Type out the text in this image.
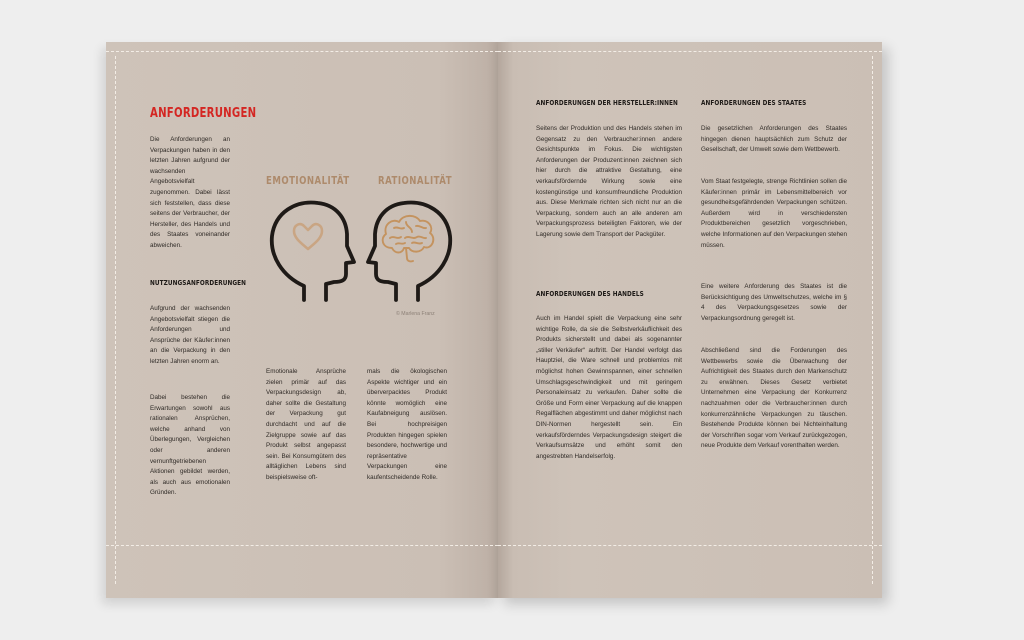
ANFORDERUNGEN
Die Anforderungen an Verpackungen haben in den letzten Jahren aufgrund der wachsenden Angebotsvielfalt zugenommen. Dabei lässt sich feststellen, dass diese seitens der Verbraucher, der Hersteller, des Handels und des Staates voneinander abweichen.
NUTZUNGSANFORDERUNGEN
Aufgrund der wachsenden Angebotsvielfalt stiegen die Anforderungen und Ansprüche der Käufer:innen an die Verpackung in den letzten Jahren enorm an.
Dabei bestehen die Erwartungen sowohl aus rationalen Ansprüchen, welche anhand von Überlegungen, Vergleichen oder anderen vernunftgetriebenen Aktionen gebildet werden, als auch aus emotionalen Gründen.
EMOTIONALITÄT	RATIONALITÄT
© Marlena Franz
Emotionale Ansprüche zielen primär auf das Verpackungsdesign ab, daher sollte die Gestaltung der Verpackung gut durchdacht und auf die Zielgruppe sowie auf das Produkt selbst angepasst sein. Bei Konsumgütern des alltäglichen Lebens sind beispielsweise oft-
mals die ökologischen Aspekte wichtiger und ein überverpacktes Produkt könnte womöglich eine Kaufabneigung auslösen. Bei hochpreisigen Produkten hingegen spielen besondere, hochwertige und repräsentative Verpackungen eine kaufentscheidende Rolle.
ANFORDERUNGEN DER HERSTELLER:INNEN
Seitens der Produktion und des Handels stehen im Gegensatz zu den Verbraucher:innen andere Gesichtspunkte im Fokus. Die wichtigsten Anforderungen der Produzent:innen zeichnen sich hier durch die attraktive Gestaltung, eine verkaufsfördernde Wirkung sowie eine kostengünstige und konsumfreundliche Produktion aus. Diese Merkmale richten sich nicht nur an die Verpackung, sondern auch an alle anderen am Verpackungsprozess beteiligten Faktoren, wie der Lagerung sowie dem Transport der Packgüter.
ANFORDERUNGEN DES HANDELS
Auch im Handel spielt die Verpackung eine sehr wichtige Rolle, da sie die Selbstverkäuflichkeit des Produkts sicherstellt und dabei als sogenannter „stiller Verkäufer“ auftritt. Der Handel verfolgt das Hauptziel, die Ware schnell und problemlos mit möglichst hohen Gewinnspannen, einer schnellen Umschlagsgeschwindigkeit und mit geringem Personaleinsatz zu verkaufen. Daher sollte die Größe und Form einer Verpackung auf die knappen Regalflächen abgestimmt und daher möglichst nach DIN-Normen hergestellt sein. Ein verkaufsförderndes Verpackungsdesign steigert die Verkaufsumsätze und erhöht somit den angestrebten Handelserfolg.
ANFORDERUNGEN DES STAATES
Die gesetzlichen Anforderungen des Staates hingegen dienen hauptsächlich zum Schutz der Gesellschaft, der Umwelt sowie dem Wettbewerb.
Vom Staat festgelegte, strenge Richtlinien sollen die Käufer:innen primär im Lebensmittelbereich vor gesundheitsgefährdenden Verpackungen schützen. Außerdem wird in verschiedensten Produktbereichen gesetzlich vorgeschrieben, welche Informationen auf den Verpackungen stehen müssen.
Eine weitere Anforderung des Staates ist die Berücksichtigung des Umweltschutzes, welche im § 4 des Verpackungsgesetzes sowie der Verpackungsordnung geregelt ist.
Abschließend sind die Forderungen des Wettbewerbs sowie die Überwachung der Aufrichtigkeit des Staates durch den Markenschutz zu erwähnen. Dieses Gesetz verbietet Unternehmen eine Verpackung der Konkurrenz nachzuahmen oder die Verbraucher:innen durch konkurrenzähnliche Verpackungen zu täuschen. Bestehende Produkte können bei Nichteinhaltung der Vorschriften sogar vom Verkauf zurückgezogen, neue Produkte dem Verkauf vorenthalten werden.
